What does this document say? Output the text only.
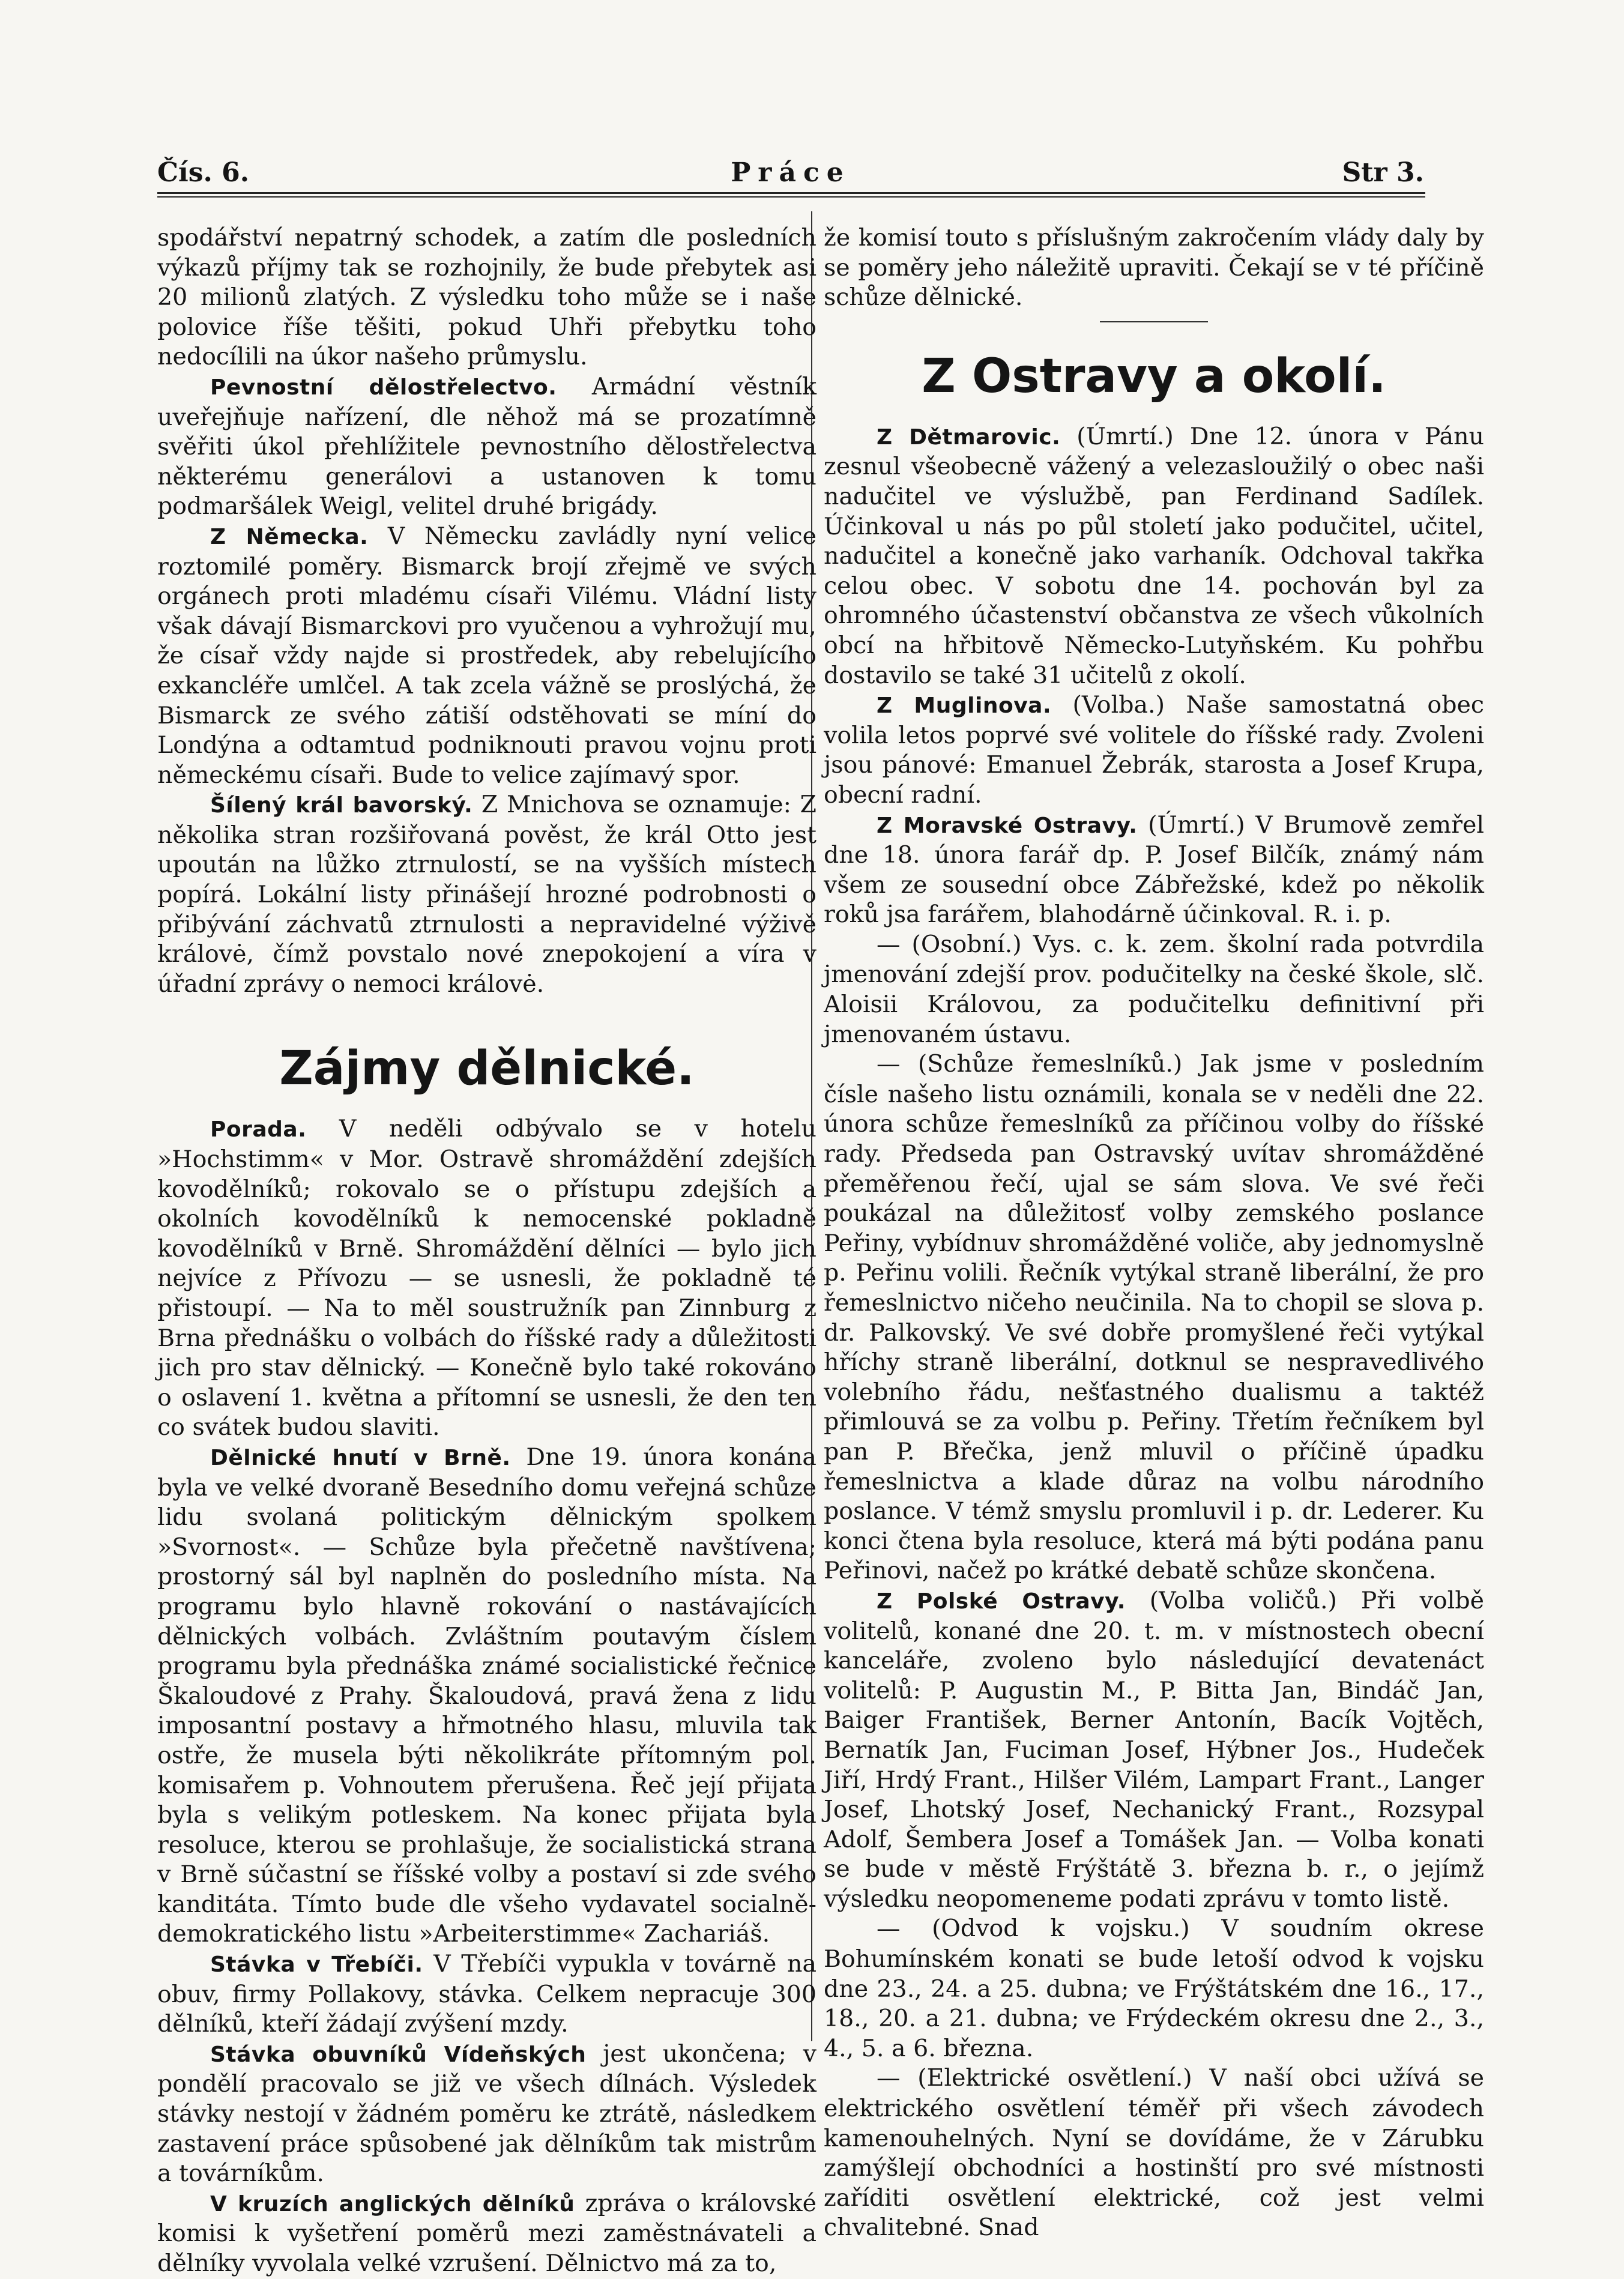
Čís. 6.	Práce	Str 3.

spodářství nepatrný schodek, a zatím dle posledních výkazů příjmy tak se rozhojnily, že bude přebytek asi 20 milionů zlatých. Z výsledku toho může se i naše polovice říše těšiti, pokud Uhři přebytku toho nedocílili na úkor našeho průmyslu.

Pevnostní dělostřelectvo. Armádní věstník uveřejňuje nařízení, dle něhož má se prozatímně svěřiti úkol přehlížitele pevnostního dělostřelectva některému generálovi a ustanoven k tomu podmaršálek Weigl, velitel druhé brigády.

Z Německa. V Německu zavládly nyní velice roztomilé poměry. Bismarck brojí zřejmě ve svých orgánech proti mladému císaři Vilému. Vládní listy však dávají Bismarckovi pro vyučenou a vyhrožují mu, že císař vždy najde si prostředek, aby rebelujícího exkancléře umlčel. A tak zcela vážně se proslýchá, že Bismarck ze svého zátiší odstěhovati se míní do Londýna a odtamtud podniknouti pravou vojnu proti německému císaři. Bude to velice zajímavý spor.

Šílený král bavorský. Z Mnichova se oznamuje: Z několika stran rozšiřovaná pověst, že král Otto jest upoután na lůžko ztrnulostí, se na vyšších místech popírá. Lokální listy přinášejí hrozné podrobnosti o přibývání záchvatů ztrnulosti a nepravidelné výživě královė, čímž povstalo nové znepokojení a víra v úřadní zprávy o nemoci královė.

Zájmy dělnické.

Porada. V neděli odbývalo se v hotelu »Hochstimm« v Mor. Ostravě shromáždění zdejších kovodělníků; rokovalo se o přístupu zdejších a okolních kovodělníků k nemocenské pokladně kovodělníků v Brně. Shromáždění dělníci — bylo jich nejvíce z Přívozu — se usnesli, že pokladně té přistoupí. — Na to měl soustružník pan Zinnburg z Brna přednášku o volbách do říšské rady a důležitosti jich pro stav dělnický. — Konečně bylo také rokováno o oslavení 1. května a přítomní se usnesli, že den ten co svátek budou slaviti.

Dělnické hnutí v Brně. Dne 19. února konána byla ve velké dvoraně Besedního domu veřejná schůze lidu svolaná politickým dělnickým spolkem »Svornost«. — Schůze byla přečetně navštívena; prostorný sál byl naplněn do posledního místa. Na programu bylo hlavně rokování o nastávajících dělnických volbách. Zvláštním poutavým číslem programu byla přednáška známé socialistické řečnice Škaloudové z Prahy. Škaloudová, pravá žena z lidu imposantní postavy a hřmotného hlasu, mluvila tak ostře, že musela býti několikráte přítomným pol. komisařem p. Vohnoutem přerušena. Řeč její přijata byla s velikým potleskem. Na konec přijata byla resoluce, kterou se prohlašuje, že socialistická strana v Brně súčastní se říšské volby a postaví si zde svého kanditáta. Tímto bude dle všeho vydavatel socialně-demokratického listu »Arbeiterstimme« Zachariáš.

Stávka v Třebíči. V Třebíči vypukla v továrně na obuv, firmy Pollakovy, stávka. Celkem nepracuje 300 dělníků, kteří žádají zvýšení mzdy.

Stávka obuvníků Vídeňských jest ukončena; v pondělí pracovalo se již ve všech dílnách. Výsledek stávky nestojí v žádném poměru ke ztrátě, následkem zastavení práce spůsobené jak dělníkům tak mistrům a továrníkům.

V kruzích anglických dělníků zpráva o královské komisi k vyšetření poměrů mezi zaměstnávateli a dělníky vyvolala velké vzrušení. Dělnictvo má za to,

že komisí touto s příslušným zakročením vlády daly by se poměry jeho náležitě upraviti. Čekají se v té příčině schůze dělnické.

Z Ostravy a okolí.

Z Dětmarovic. (Úmrtí.) Dne 12. února v Pánu zesnul všeobecně vážený a velezasloužilý o obec naši nadučitel ve výslužbě, pan Ferdinand Sadílek. Účinkoval u nás po půl století jako podučitel, učitel, nadučitel a konečně jako varhaník. Odchoval takřka celou obec. V sobotu dne 14. pochován byl za ohromného účastenství občanstva ze všech vůkolních obcí na hřbitově Německo-Lutyňském. Ku pohřbu dostavilo se také 31 učitelů z okolí.

Z Muglinova. (Volba.) Naše samostatná obec volila letos poprvé své volitele do říšské rady. Zvoleni jsou pánové: Emanuel Žebrák, starosta a Josef Krupa, obecní radní.

Z Moravské Ostravy. (Úmrtí.) V Brumově zemřel dne 18. února farář dp. P. Josef Bilčík, známý nám všem ze sousední obce Zábřežské, kdež po několik roků jsa farářem, blahodárně účinkoval. R. i. p.

— (Osobní.) Vys. c. k. zem. školní rada potvrdila jmenování zdejší prov. podučitelky na české škole, slč. Aloisii Královou, za podučitelku definitivní při jmenovaném ústavu.

— (Schůze řemeslníků.) Jak jsme v posledním čísle našeho listu oznámili, konala se v neděli dne 22. února schůze řemeslníků za příčinou volby do říšské rady. Předseda pan Ostravský uvítav shromážděné přeměřenou řečí, ujal se sám slova. Ve své řeči poukázal na důležitosť volby zemského poslance Peřiny, vybídnuv shromážděné voliče, aby jednomyslně p. Peřinu volili. Řečník vytýkal straně liberální, že pro řemeslnictvo ničeho neučinila. Na to chopil se slova p. dr. Palkovský. Ve své dobře promyšlené řeči vytýkal hříchy straně liberální, dotknul se nespravedlivého volebního řádu, nešťastného dualismu a taktéž přimlouvá se za volbu p. Peřiny. Třetím řečníkem byl pan P. Břečka, jenž mluvil o příčině úpadku řemeslnictva a klade důraz na volbu národního poslance. V témž smyslu promluvil i p. dr. Lederer. Ku konci čtena byla resoluce, která má býti podána panu Peřinovi, načež po krátké debatě schůze skončena.

Z Polské Ostravy. (Volba voličů.) Při volbě volitelů, konané dne 20. t. m. v místnostech obecní kanceláře, zvoleno bylo následující devatenáct volitelů: P. Augustin M., P. Bitta Jan, Bindáč Jan, Baiger František, Berner Antonín, Bacík Vojtěch, Bernatík Jan, Fuciman Josef, Hýbner Jos., Hudeček Jiří, Hrdý Frant., Hilšer Vilém, Lampart Frant., Langer Josef, Lhotský Josef, Nechanický Frant., Rozsypal Adolf, Šembera Josef a Tomášek Jan. — Volba konati se bude v městě Frýštátě 3. března b. r., o jejímž výsledku neopomeneme podati zprávu v tomto listě.

— (Odvod k vojsku.) V soudním okrese Bohumínském konati se bude letoší odvod k vojsku dne 23., 24. a 25. dubna; ve Frýštátském dne 16., 17., 18., 20. a 21. dubna; ve Frýdeckém okresu dne 2., 3., 4., 5. a 6. března.

— (Elektrické osvětlení.) V naší obci užívá se elektrického osvětlení téměř při všech závodech kamenouhelných. Nyní se dovídáme, že v Zárubku zamýšlejí obchodníci a hostinští pro své místnosti zaříditi osvětlení elektrické, což jest velmi chvalitebné. Snad
